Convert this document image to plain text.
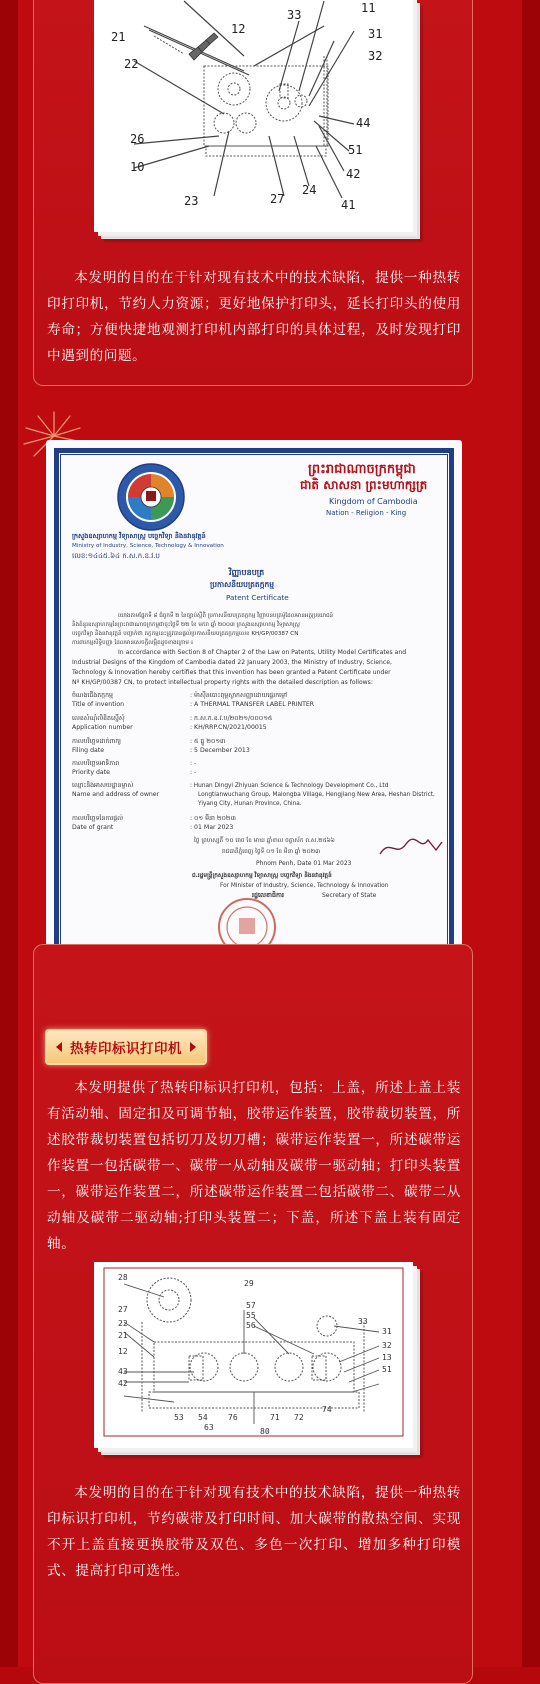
33	11
12	31
21
32
22
44
26
51
10	42
23	27
24
41

本发明的目的在于针对现有技术中的技术缺陷，提供一种热转印打印机，节约人力资源；更好地保护打印头，延长打印头的使用寿命；方便快捷地观测打印机内部打印的具体过程，及时发现打印中遇到的问题。

ព្រះរាជាណាចក្រកម្ពុជា
ជាតិ សាសនា ព្រះមហាក្សត្រ
Kingdom of Cambodia
Nation - Religion - King
ក្រសួងឧស្សាហកម្ម វិទ្យាសាស្ត្រ បច្ចេកវិទ្យា និងនវានុវត្តន៍
Ministry of Industry, Science, Technology & Innovation
លេខ:១៤៤៥.៦៤ ក.ស.ក.ឧ.វ.ប
វិញ្ញាបនបត្រ
ប្រកាសនីយបត្រតក្កកម្ម
Patent Certificate
យោងតាមផ្នែកទី ៨ ជំពូកទី ២ នៃច្បាប់ស្តីពី ប្រកាសនីយបត្រតក្កកម្ម វិញ្ញាបនបត្រម៉ូដែលមានអត្ថប្រយោជន៍
និងគំនូរឧស្សាហកម្មនៃព្រះរាជាណាចក្រកម្ពុជាចុះថ្ងៃទី ២២ ខែ មករា ឆ្នាំ ២០០៣ ក្រសួងឧស្សាហកម្ម វិទ្យាសាស្ត្រ
បច្ចេកវិទ្យា និងនវានុវត្តន៍ បញ្ជាក់ថា តក្កកម្មនេះត្រូវបានផ្តល់ប្រកាសនីយបត្រតក្កកម្មលេខ KH/GP/00387 CN
ការពារកម្មសិទ្ធិបញ្ញា ដែលមានសេចក្តីលម្អិតដូចខាងក្រោម ៖
In accordance with Section 8 of Chapter 2 of the Law on Patents, Utility Model Certificates and
Industrial Designs of the Kingdom of Cambodia dated 22 January 2003, the Ministry of Industry, Science,
Technology & Innovation hereby certifies that this invention has been granted a Patent Certificate under
Nº KH/GP/00387 CN, to protect intellectual property rights with the detailed description as follows:
ចំណងជើងតក្កកម្ម
Title of invention
: ម៉ាស៊ីនបោះពុម្ពស្លាកសញ្ញាដោយផ្ទេរកម្ដៅ
: A THERMAL TRANSFER LABEL PRINTER
លេខសំណុំលិខិតស្នើសុំ
Application number
: ក.ស.ក.ឧ.វ.ប/២០២១/០០០១៥
: KH/RRP.CN/2021/00015
កាលបរិច្ឆេទដាក់ពាក្យ
Filing date
: ៥ ធ្នូ ២០១៣
: 5 December 2013
កាលបរិច្ឆេទអាទិភាព
Priority date
: -
: -
ឈ្មោះនិងអាសយដ្ឋានម្ចាស់
Name and address of owner
: Hunan Dingyi Zhiyuan Science & Technology Development Co., Ltd
Longtianwuchang Group, Malongba Village, Hengjiang New Area, Heshan District,
Yiyang City, Hunan Province, China.
កាលបរិច្ឆេទនៃការផ្តល់
Date of grant
: ០១ មីនា ២០២៣
: 01 Mar 2023
ថ្ងៃ ព្រហស្បតិ៍ ១០ រោច ខែ មាឃ ឆ្នាំខាល ចត្វាស័ក ព.ស.២៥៦៦
រាជធានីភ្នំពេញ ថ្ងៃទី ០១ ខែ មីនា ឆ្នាំ ២០២៣
Phnom Penh, Date 01 Mar 2023
ជ.រដ្ឋមន្ត្រីក្រសួងឧស្សាហកម្ម វិទ្យាសាស្ត្រ បច្ចេកវិទ្យា និងនវានុវត្តន៍
For Minister of Industry, Science, Technology & Innovation
រដ្ឋលេខាធិការ	Secretary of State
热转印标识打印机

本发明提供了热转印标识打印机，包括：上盖，所述上盖上装有活动轴、固定扣及可调节轴，胶带运作装置，胶带裁切装置，所述胶带裁切装置包括切刀及切刀槽；碳带运作装置一，所述碳带运作装置一包括碳带一、碳带一从动轴及碳带一驱动轴；打印头装置一，碳带运作装置二，所述碳带运作装置二包括碳带二、碳带二从动轴及碳带二驱动轴;打印头装置二；下盖，所述下盖上装有固定轴。

28
27
29
57
22
31
55
33
56
21
32
12
43
13
42
51
53 54	76	71 72
74
63	80

本发明的目的在于针对现有技术中的技术缺陷，提供一种热转印标识打印机，节约碳带及打印时间、加大碳带的散热空间、实现不开上盖直接更换胶带及双色、多色一次打印、增加多种打印模式、提高打印可选性。
